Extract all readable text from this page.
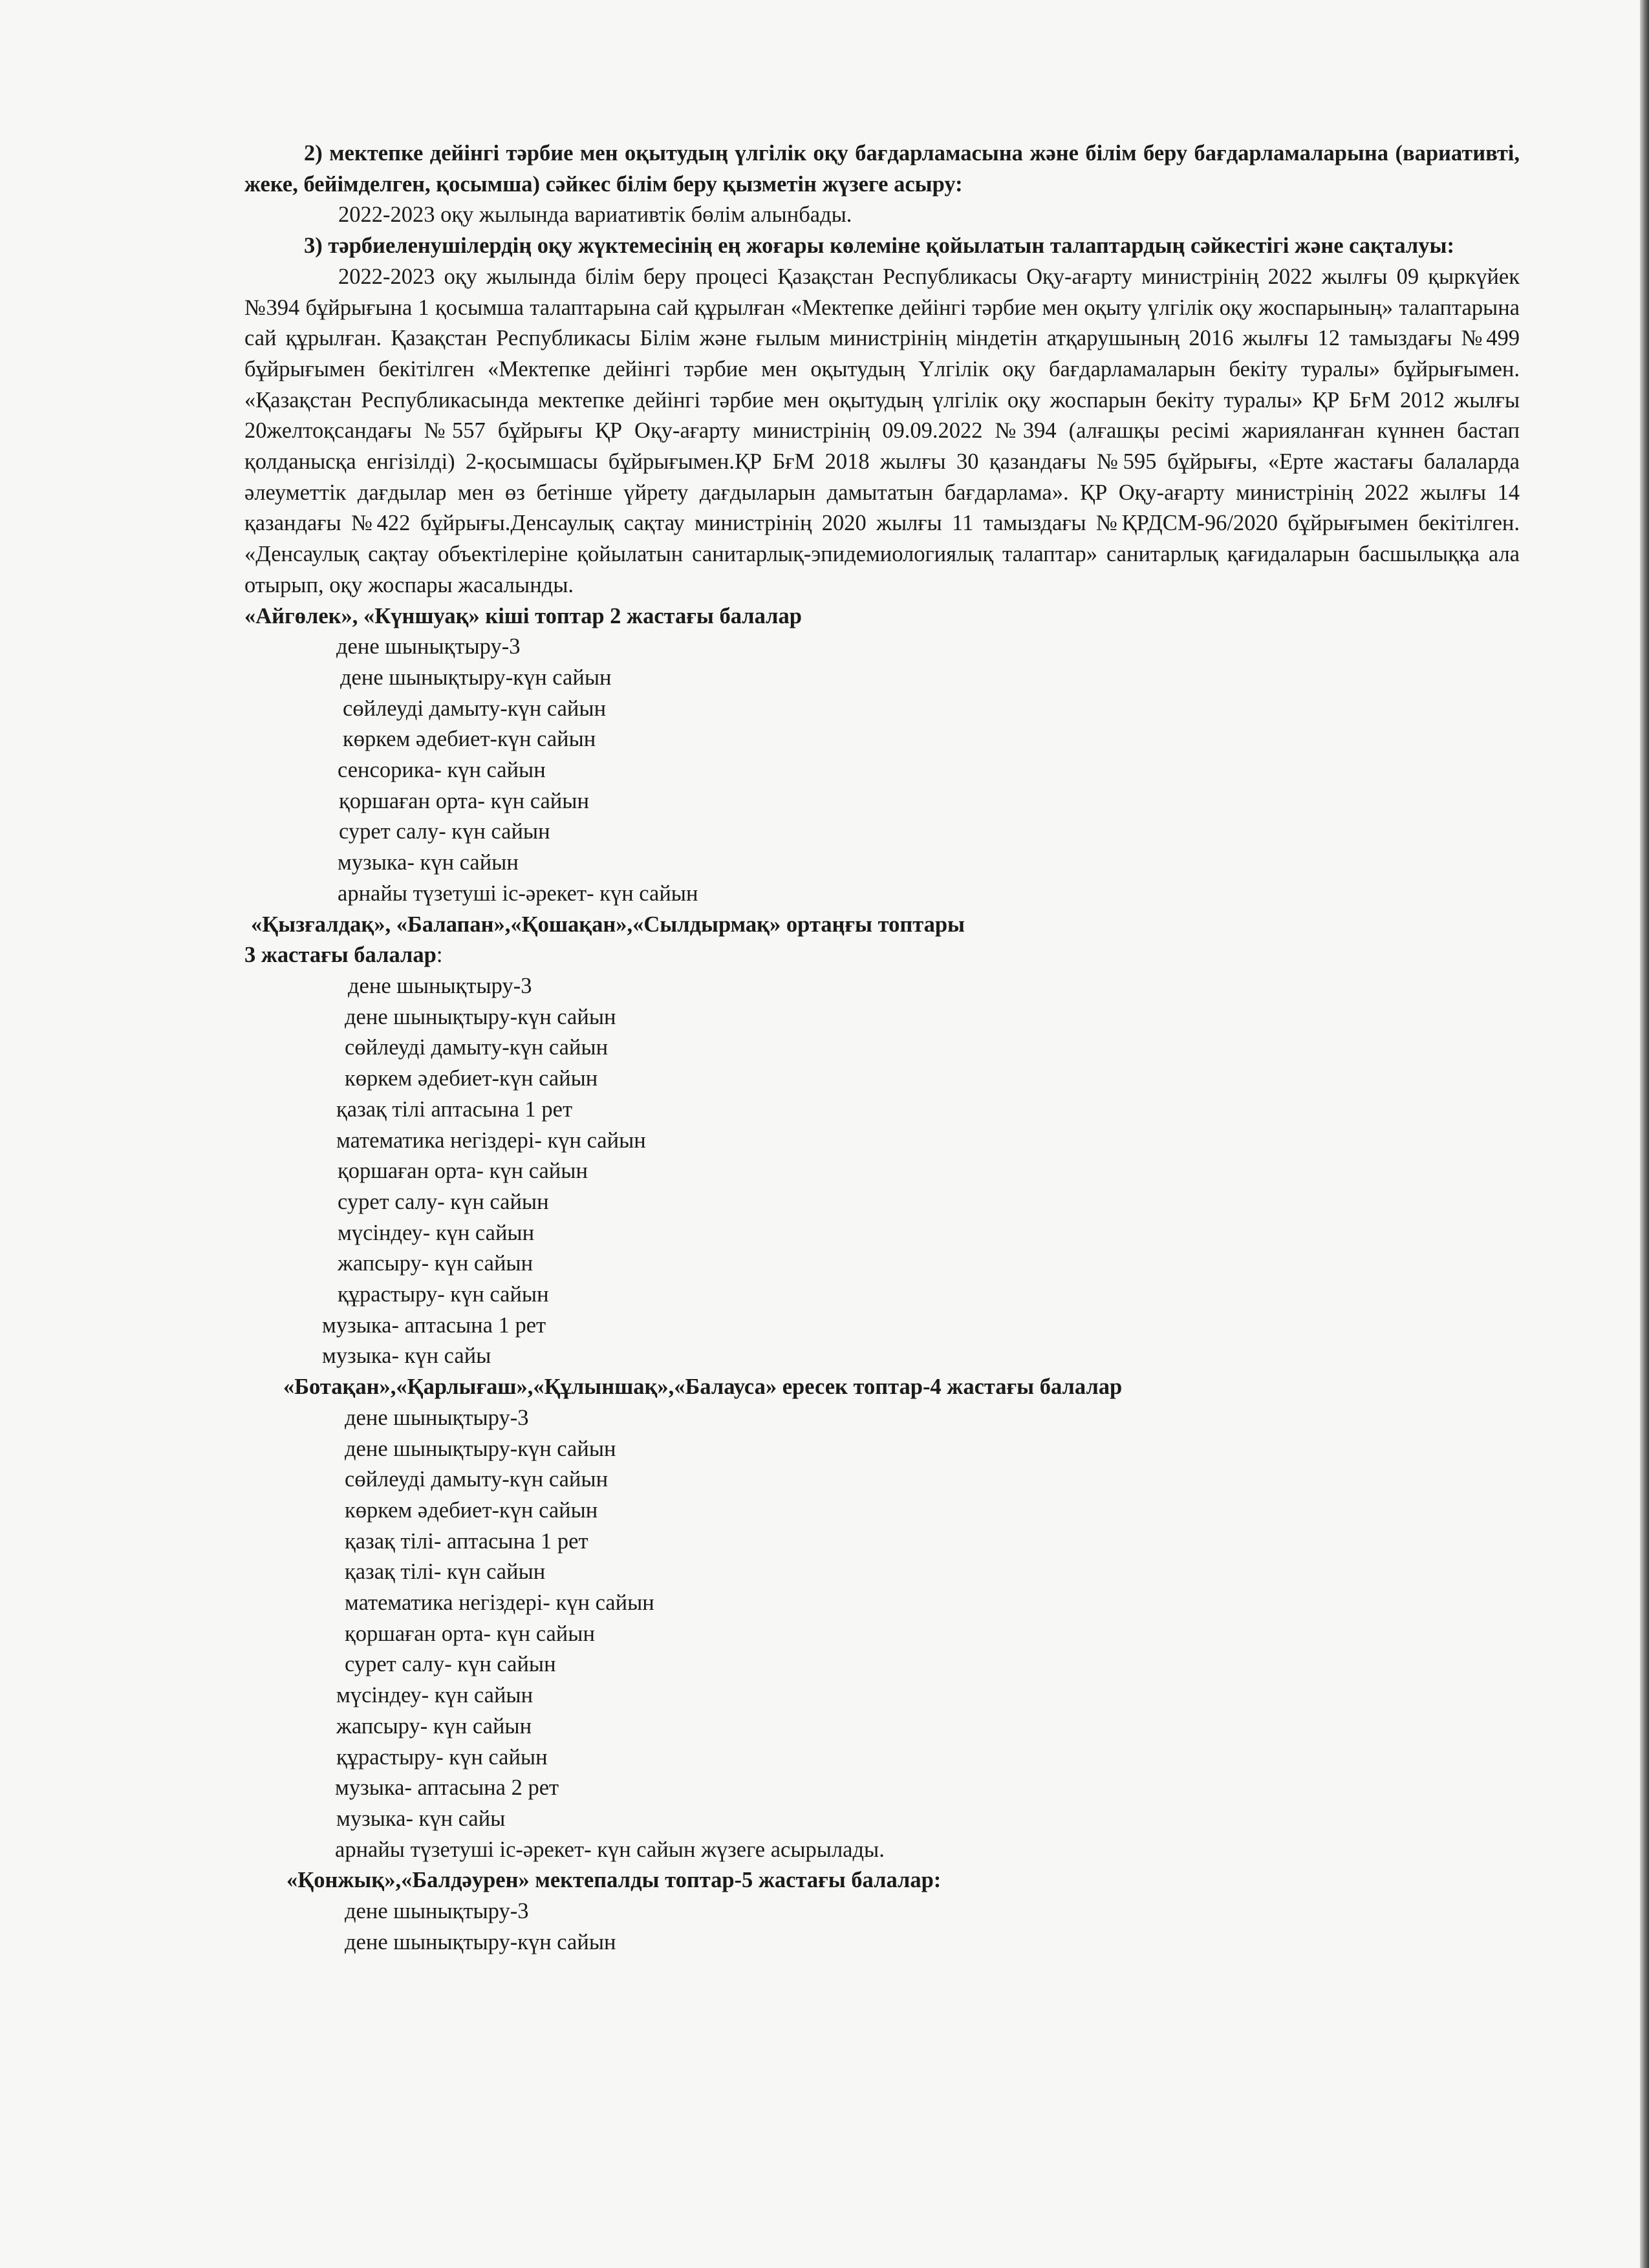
2) мектепке дейінгі тәрбие мен оқытудың үлгілік оқу бағдарламасына және білім беру бағдарламаларына (вариативті, жеке, бейімделген, қосымша) сәйкес білім беру қызметін жүзеге асыру:

2022-2023 оқу жылында вариативтік бөлім алынбады.

3) тәрбиеленушілердің оқу жүктемесінің ең жоғары көлеміне қойылатын талаптардың сәйкестігі және сақталуы:

2022-2023 оқу жылында білім беру процесі Қазақстан Республикасы Оқу-ағарту министрінің 2022 жылғы 09 қыркүйек №394 бұйрығына 1 қосымша талаптарына сай құрылған «Мектепке дейінгі тәрбие мен оқыту үлгілік оқу жоспарының» талаптарына сай құрылған. Қазақстан Республикасы Білім және ғылым министрінің міндетін атқарушының 2016 жылғы 12 тамыздағы №499 бұйрығымен бекітілген «Мектепке дейінгі тәрбие мен оқытудың Үлгілік оқу бағдарламаларын бекіту туралы» бұйрығымен. «Қазақстан Республикасында мектепке дейінгі тәрбие мен оқытудың үлгілік оқу жоспарын бекіту туралы» ҚР БғМ 2012 жылғы 20желтоқсандағы №557 бұйрығы ҚР Оқу-ағарту министрінің 09.09.2022 №394 (алғашқы ресімі жарияланған күннен бастап қолданысқа енгізілді) 2-қосымшасы бұйрығымен.ҚР БғМ 2018 жылғы 30 қазандағы №595 бұйрығы, «Ерте жастағы балаларда әлеуметтік дағдылар мен өз бетінше үйрету дағдыларын дамытатын бағдарлама». ҚР Оқу-ағарту министрінің 2022 жылғы 14 қазандағы №422 бұйрығы.Денсаулық сақтау министрінің 2020 жылғы 11 тамыздағы №ҚРДСМ-96/2020 бұйрығымен бекітілген. «Денсаулық сақтау объектілеріне қойылатын санитарлық-эпидемиологиялық талаптар» санитарлық қағидаларын басшылыққа ала отырып, оқу жоспары жасалынды.

«Айгөлек», «Күншуақ» кіші топтар 2 жастағы балалар

дене шынықтыру-3
дене шынықтыру-күн сайын
сөйлеуді дамыту-күн сайын
көркем әдебиет-күн сайын
сенсорика- күн сайын
қоршаған орта- күн сайын
сурет салу- күн сайын
музыка- күн сайын
арнайы түзетуші іс-әрекет- күн сайын

«Қызғалдақ», «Балапан»,«Қошақан»,«Сылдырмақ» ортаңғы топтары

3 жастағы балалар:

дене шынықтыру-3
дене шынықтыру-күн сайын
сөйлеуді дамыту-күн сайын
көркем әдебиет-күн сайын
қазақ тілі аптасына 1 рет
математика негіздері- күн сайын
қоршаған орта- күн сайын
сурет салу- күн сайын
мүсіндеу- күн сайын
жапсыру- күн сайын
құрастыру- күн сайын
музыка- аптасына 1 рет
музыка- күн сайы

«Ботақан»,«Қарлығаш»,«Құлыншақ»,«Балауса» ересек топтар-4 жастағы балалар

дене шынықтыру-3
дене шынықтыру-күн сайын
сөйлеуді дамыту-күн сайын
көркем әдебиет-күн сайын
қазақ тілі- аптасына 1 рет
қазақ тілі- күн сайын
математика негіздері- күн сайын
қоршаған орта- күн сайын
сурет салу- күн сайын
мүсіндеу- күн сайын
жапсыру- күн сайын
құрастыру- күн сайын
музыка- аптасына 2 рет
музыка- күн сайы
арнайы түзетуші іс-әрекет- күн сайын жүзеге асырылады.

«Қонжық»,«Балдәурен» мектепалды топтар-5 жастағы балалар:

дене шынықтыру-3
дене шынықтыру-күн сайын
